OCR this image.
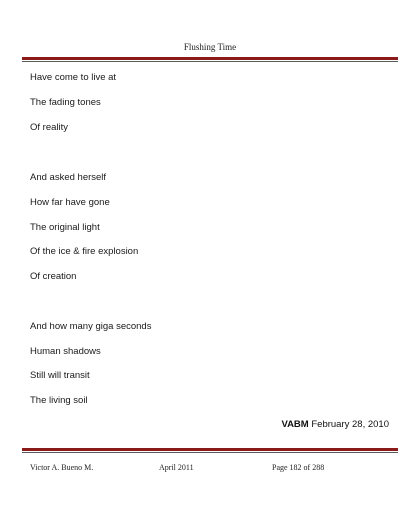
Flushing Time
Have come to live at
The fading tones
Of reality
And asked herself
How far have gone
The original light
Of the ice & fire explosion
Of creation
And how many giga seconds
Human shadows
Still will transit
The living soil
VABM February 28, 2010
Victor A. Bueno M.	April 2011	Page 182 of 288
